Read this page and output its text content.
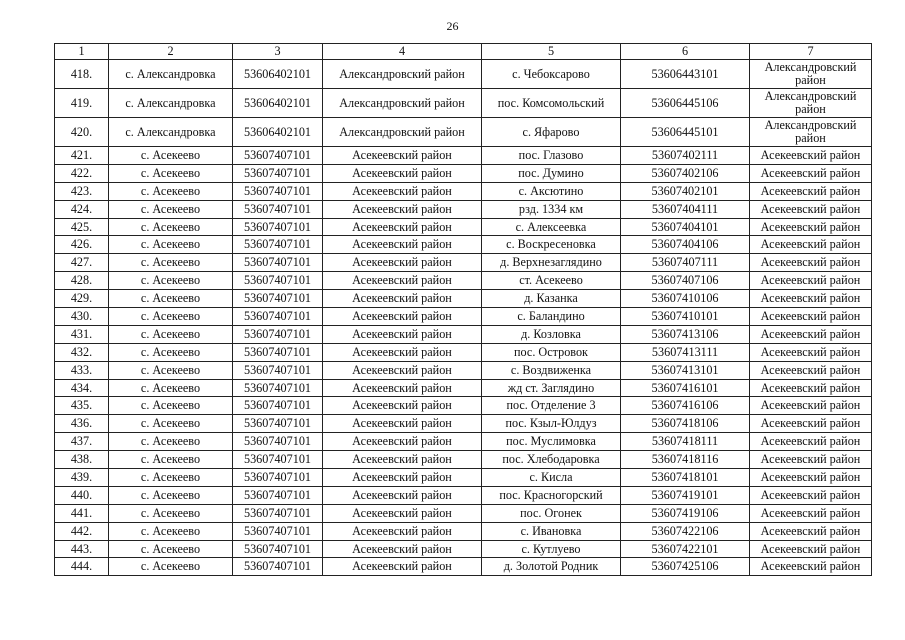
26
1	2	3	4	5	6	7
418.	с. Александровка	53606402101	Александровский район	с. Чебоксарово	53606443101	Александровский район
419.	с. Александровка	53606402101	Александровский район	пос. Комсомольский	53606445106	Александровский район
420.	с. Александровка	53606402101	Александровский район	с. Яфарово	53606445101	Александровский район
421.	с. Асекеево	53607407101	Асекеевский район	пос. Глазово	53607402111	Асекеевский район
422.	с. Асекеево	53607407101	Асекеевский район	пос. Думино	53607402106	Асекеевский район
423.	с. Асекеево	53607407101	Асекеевский район	с. Аксютино	53607402101	Асекеевский район
424.	с. Асекеево	53607407101	Асекеевский район	рзд. 1334 км	53607404111	Асекеевский район
425.	с. Асекеево	53607407101	Асекеевский район	с. Алексеевка	53607404101	Асекеевский район
426.	с. Асекеево	53607407101	Асекеевский район	с. Воскресеновка	53607404106	Асекеевский район
427.	с. Асекеево	53607407101	Асекеевский район	д. Верхнезаглядино	53607407111	Асекеевский район
428.	с. Асекеево	53607407101	Асекеевский район	ст. Асекеево	53607407106	Асекеевский район
429.	с. Асекеево	53607407101	Асекеевский район	д. Казанка	53607410106	Асекеевский район
430.	с. Асекеево	53607407101	Асекеевский район	с. Баландино	53607410101	Асекеевский район
431.	с. Асекеево	53607407101	Асекеевский район	д. Козловка	53607413106	Асекеевский район
432.	с. Асекеево	53607407101	Асекеевский район	пос. Островок	53607413111	Асекеевский район
433.	с. Асекеево	53607407101	Асекеевский район	с. Воздвиженка	53607413101	Асекеевский район
434.	с. Асекеево	53607407101	Асекеевский район	жд ст. Заглядино	53607416101	Асекеевский район
435.	с. Асекеево	53607407101	Асекеевский район	пос. Отделение 3	53607416106	Асекеевский район
436.	с. Асекеево	53607407101	Асекеевский район	пос. Кзыл-Юлдуз	53607418106	Асекеевский район
437.	с. Асекеево	53607407101	Асекеевский район	пос. Муслимовка	53607418111	Асекеевский район
438.	с. Асекеево	53607407101	Асекеевский район	пос. Хлебодаровка	53607418116	Асекеевский район
439.	с. Асекеево	53607407101	Асекеевский район	с. Кисла	53607418101	Асекеевский район
440.	с. Асекеево	53607407101	Асекеевский район	пос. Красногорский	53607419101	Асекеевский район
441.	с. Асекеево	53607407101	Асекеевский район	пос. Огонек	53607419106	Асекеевский район
442.	с. Асекеево	53607407101	Асекеевский район	с. Ивановка	53607422106	Асекеевский район
443.	с. Асекеево	53607407101	Асекеевский район	с. Кутлуево	53607422101	Асекеевский район
444.	с. Асекеево	53607407101	Асекеевский район	д. Золотой Родник	53607425106	Асекеевский район
